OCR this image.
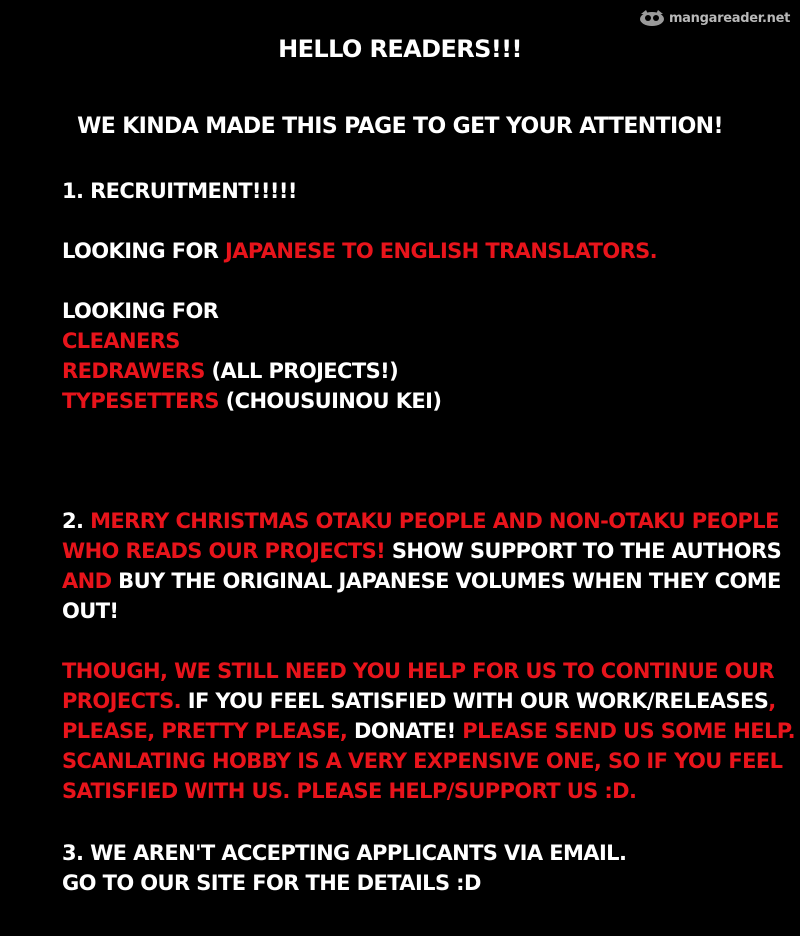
mangareader.net
HELLO READERS!!!
WE KINDA MADE THIS PAGE TO GET YOUR ATTENTION!
1. RECRUITMENT!!!!!
LOOKING FOR JAPANESE TO ENGLISH TRANSLATORS.
LOOKING FOR
CLEANERS
REDRAWERS (ALL PROJECTS!)
TYPESETTERS (CHOUSUINOU KEI)
2. MERRY CHRISTMAS OTAKU PEOPLE AND NON-OTAKU PEOPLE
WHO READS OUR PROJECTS! SHOW SUPPORT TO THE AUTHORS
AND BUY THE ORIGINAL JAPANESE VOLUMES WHEN THEY COME
OUT!
THOUGH, WE STILL NEED YOU HELP FOR US TO CONTINUE OUR
PROJECTS. IF YOU FEEL SATISFIED WITH OUR WORK/RELEASES,
PLEASE, PRETTY PLEASE, DONATE! PLEASE SEND US SOME HELP.
SCANLATING HOBBY IS A VERY EXPENSIVE ONE, SO IF YOU FEEL
SATISFIED WITH US. PLEASE HELP/SUPPORT US :D.
3. WE AREN'T ACCEPTING APPLICANTS VIA EMAIL.
GO TO OUR SITE FOR THE DETAILS :D
